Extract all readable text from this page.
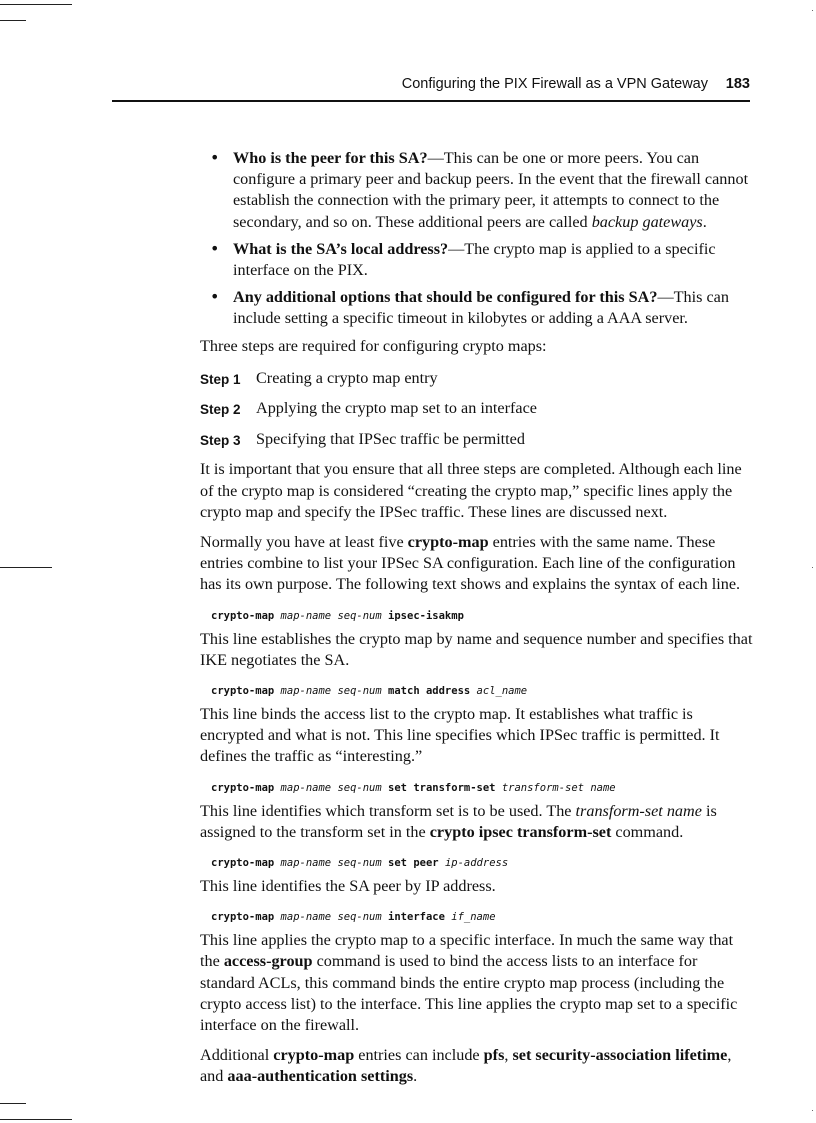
Configuring the PIX Firewall as a VPN Gateway 183
• Who is the peer for this SA?—This can be one or more peers. You can configure a primary peer and backup peers. In the event that the firewall cannot establish the connection with the primary peer, it attempts to connect to the secondary, and so on. These additional peers are called backup gateways.
• What is the SA’s local address?—The crypto map is applied to a specific interface on the PIX.
• Any additional options that should be configured for this SA?—This can include setting a specific timeout in kilobytes or adding a AAA server.

Three steps are required for configuring crypto maps:

Step 1 Creating a crypto map entry
Step 2 Applying the crypto map set to an interface
Step 3 Specifying that IPSec traffic be permitted

It is important that you ensure that all three steps are completed. Although each line of the crypto map is considered “creating the crypto map,” specific lines apply the crypto map and specify the IPSec traffic. These lines are discussed next.

Normally you have at least five crypto-map entries with the same name. These entries combine to list your IPSec SA configuration. Each line of the configuration has its own purpose. The following text shows and explains the syntax of each line.

crypto-map map-name seq-num ipsec-isakmp

This line establishes the crypto map by name and sequence number and specifies that IKE negotiates the SA.

crypto-map map-name seq-num match address acl_name

This line binds the access list to the crypto map. It establishes what traffic is encrypted and what is not. This line specifies which IPSec traffic is permitted. It defines the traffic as “interesting.”

crypto-map map-name seq-num set transform-set transform-set name

This line identifies which transform set is to be used. The transform-set name is assigned to the transform set in the crypto ipsec transform-set command.

crypto-map map-name seq-num set peer ip-address

This line identifies the SA peer by IP address.

crypto-map map-name seq-num interface if_name

This line applies the crypto map to a specific interface. In much the same way that the access-group command is used to bind the access lists to an interface for standard ACLs, this command binds the entire crypto map process (including the crypto access list) to the interface. This line applies the crypto map set to a specific interface on the firewall.

Additional crypto-map entries can include pfs, set security-association lifetime, and aaa-authentication settings.
